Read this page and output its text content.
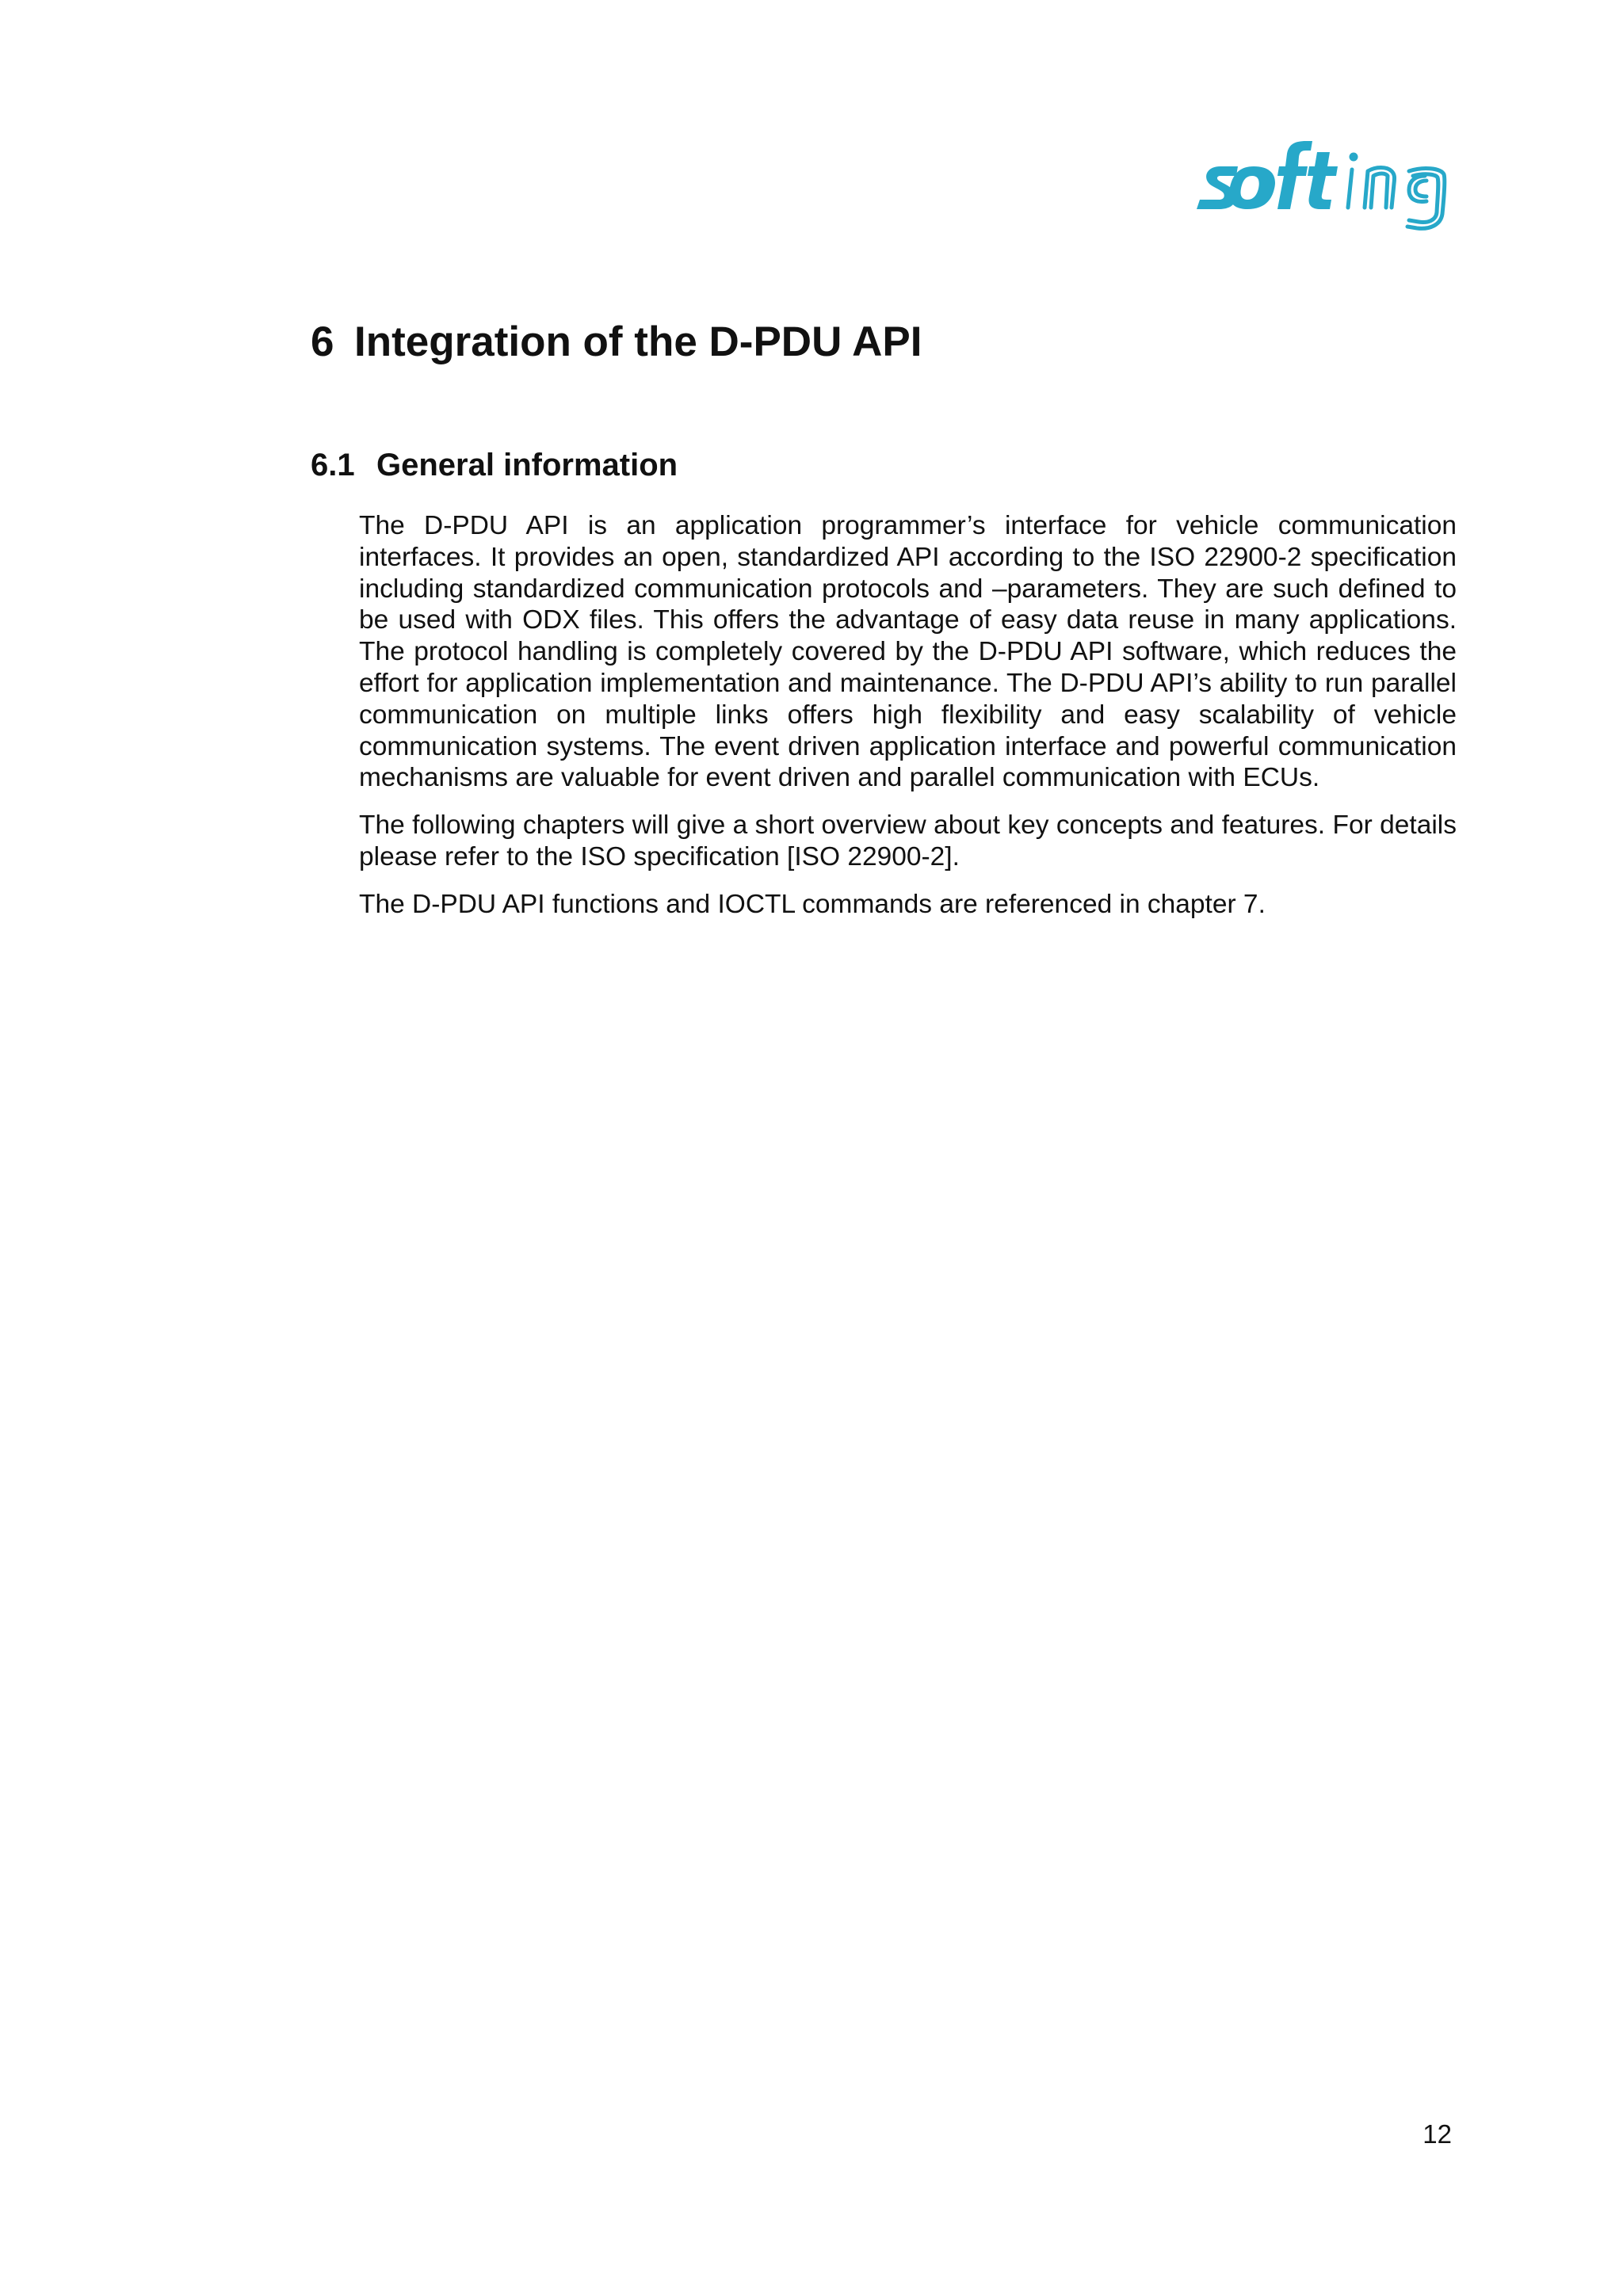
6 Integration of the D-PDU API
6.1 General information

The D-PDU API is an application programmer’s interface for vehicle communication interfaces. It provides an open, standardized API according to the ISO 22900-2 specification including standardized communication protocols and –parameters. They are such defined to be used with ODX files. This offers the advantage of easy data reuse in many applications. The protocol handling is completely covered by the D-PDU API software, which reduces the effort for application implementation and maintenance. The D-PDU API’s ability to run parallel communication on multiple links offers high flexibility and easy scalability of vehicle communication systems. The event driven application interface and powerful communication mechanisms are valuable for event driven and parallel communication with ECUs.

The following chapters will give a short overview about key concepts and features. For details please refer to the ISO specification [ISO 22900-2].

The D-PDU API functions and IOCTL commands are referenced in chapter 7.

12
